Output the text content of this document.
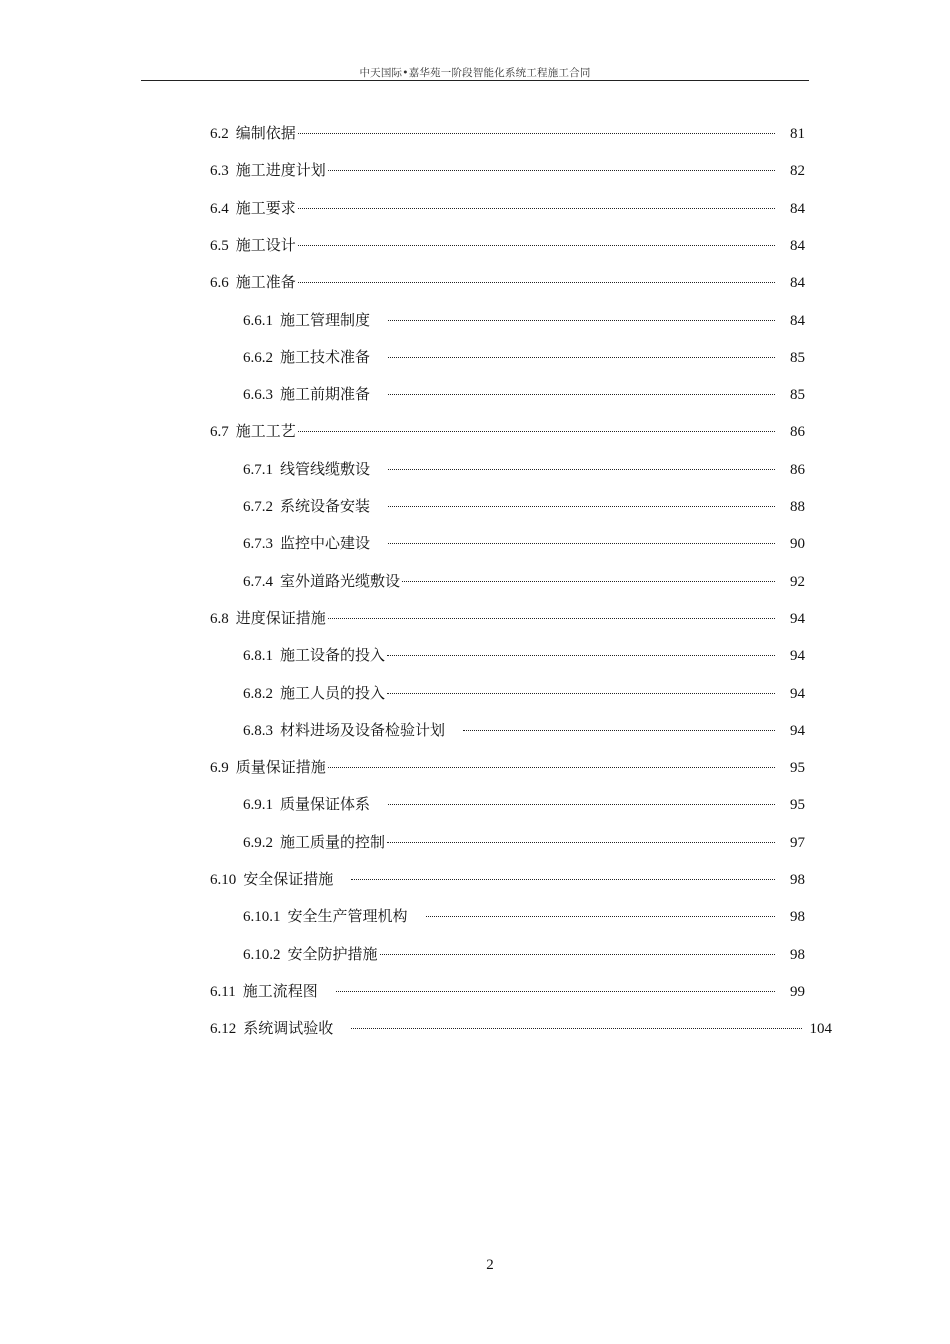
中天国际•嘉华苑一阶段智能化系统工程施工合同
6.2 编制依据	81
6.3 施工进度计划	82
6.4 施工要求	84
6.5 施工设计	84
6.6 施工准备	84
6.6.1 施工管理制度	84
6.6.2 施工技术准备	85
6.6.3 施工前期准备	85
6.7 施工工艺	86
6.7.1 线管线缆敷设	86
6.7.2 系统设备安装	88
6.7.3 监控中心建设	90
6.7.4 室外道路光缆敷设	92
6.8 进度保证措施	94
6.8.1 施工设备的投入	94
6.8.2 施工人员的投入	94
6.8.3 材料进场及设备检验计划	94
6.9 质量保证措施	95
6.9.1 质量保证体系	95
6.9.2 施工质量的控制	97
6.10 安全保证措施	98
6.10.1 安全生产管理机构	98
6.10.2 安全防护措施	98
6.11 施工流程图	99
6.12 系统调试验收	104
2
